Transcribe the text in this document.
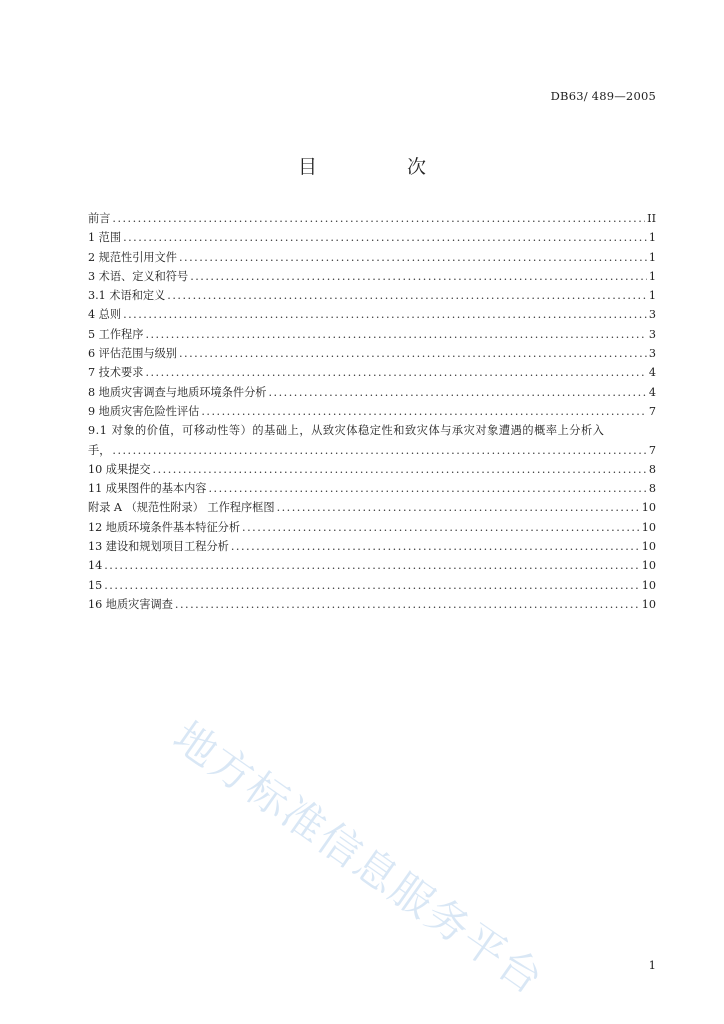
DB63/ 489—2005
目 次
前言 .....	II
1 范围 .....	1
2 规范性引用文件 .....	1
3 术语、定义和符号 .....	1
3.1 术语和定义 .....	1
4 总则 .....	3
5 工作程序 .....	3
6 评估范围与级别 .....	3
7 技术要求 .....	4
8 地质灾害调查与地质环境条件分析 .....	4
9 地质灾害危险性评估 .....	7
9.1 对象的价值，可移动性等）的基础上，从致灾体稳定性和致灾体与承灾对象遭遇的概率上分析入
手， .....	7
10 成果提交 .....	8
11 成果图件的基本内容 .....	8
附录 A （规范性附录） 工作程序框图 .....	10
12 地质环境条件基本特征分析 .....	10
13 建设和规划项目工程分析 .....	10
14 .....	10
15 .....	10
16 地质灾害调查 .....	10
地方标准信息服务平台	1
